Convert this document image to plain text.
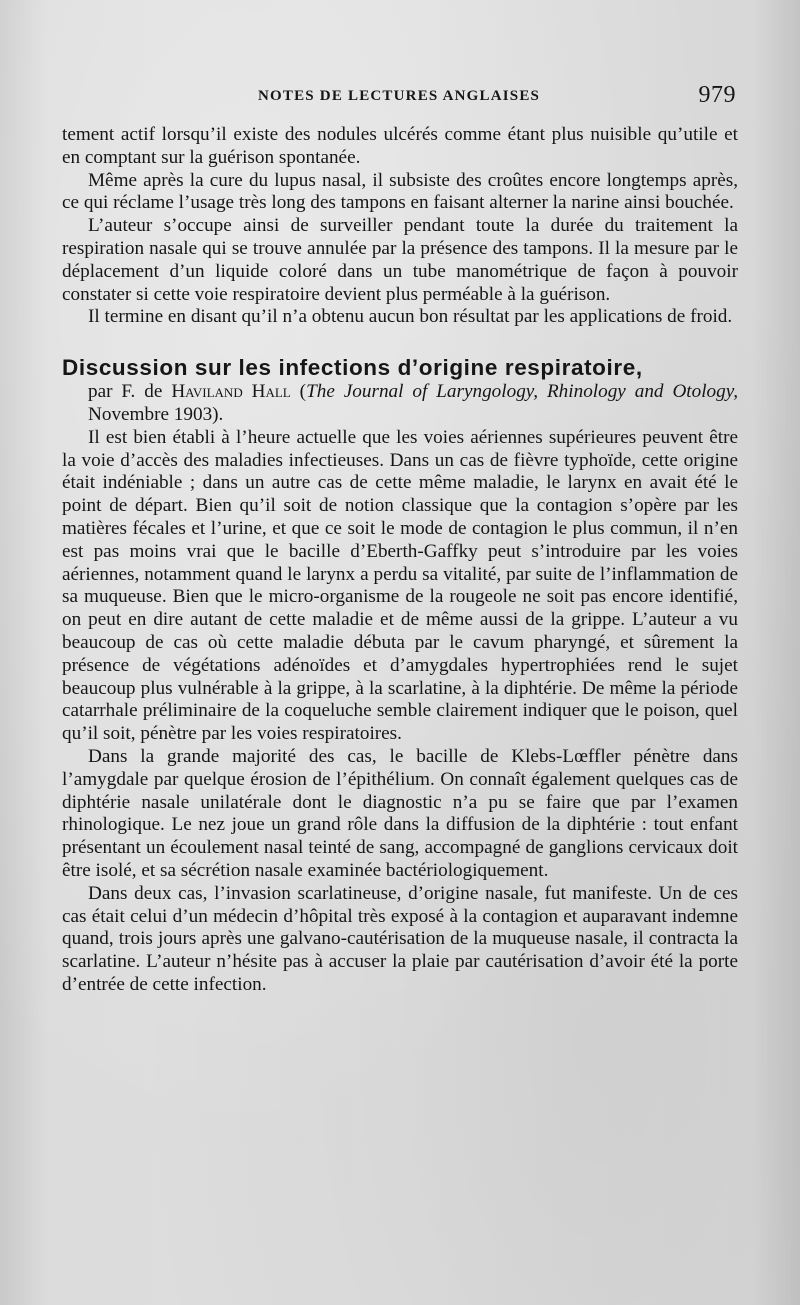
NOTES DE LECTURES ANGLAISES	979

tement actif lorsqu’il existe des nodules ulcérés comme étant plus nuisible qu’utile et en comptant sur la guérison spontanée.

Même après la cure du lupus nasal, il subsiste des croûtes encore longtemps après, ce qui réclame l’usage très long des tampons en faisant alterner la narine ainsi bouchée.

L’auteur s’occupe ainsi de surveiller pendant toute la durée du traitement la respiration nasale qui se trouve annulée par la présence des tampons. Il la mesure par le déplacement d’un liquide coloré dans un tube manométrique de façon à pouvoir constater si cette voie respiratoire devient plus perméable à la guérison.

Il termine en disant qu’il n’a obtenu aucun bon résultat par les applications de froid.

Discussion sur les infections d’origine respiratoire,

par F. de Haviland Hall (The Journal of Laryngology, Rhinology and Otology, Novembre 1903).

Il est bien établi à l’heure actuelle que les voies aériennes supérieures peuvent être la voie d’accès des maladies infectieuses. Dans un cas de fièvre typhoïde, cette origine était indéniable ; dans un autre cas de cette même maladie, le larynx en avait été le point de départ. Bien qu’il soit de notion classique que la contagion s’opère par les matières fécales et l’urine, et que ce soit le mode de contagion le plus commun, il n’en est pas moins vrai que le bacille d’Eberth-Gaffky peut s’introduire par les voies aériennes, notamment quand le larynx a perdu sa vitalité, par suite de l’inflammation de sa muqueuse. Bien que le micro-organisme de la rougeole ne soit pas encore identifié, on peut en dire autant de cette maladie et de même aussi de la grippe. L’auteur a vu beaucoup de cas où cette maladie débuta par le cavum pharyngé, et sûrement la présence de végétations adénoïdes et d’amygdales hypertrophiées rend le sujet beaucoup plus vulnérable à la grippe, à la scarlatine, à la diphtérie. De même la période catarrhale préliminaire de la coqueluche semble clairement indiquer que le poison, quel qu’il soit, pénètre par les voies respiratoires.

Dans la grande majorité des cas, le bacille de Klebs-Lœffler pénètre dans l’amygdale par quelque érosion de l’épithélium. On connaît également quelques cas de diphtérie nasale unilatérale dont le diagnostic n’a pu se faire que par l’examen rhinologique. Le nez joue un grand rôle dans la diffusion de la diphtérie : tout enfant présentant un écoulement nasal teinté de sang, accompagné de ganglions cervicaux doit être isolé, et sa sécrétion nasale examinée bactériologiquement.

Dans deux cas, l’invasion scarlatineuse, d’origine nasale, fut manifeste. Un de ces cas était celui d’un médecin d’hôpital très exposé à la contagion et auparavant indemne quand, trois jours après une galvano-cautérisation de la muqueuse nasale, il contracta la scarlatine. L’auteur n’hésite pas à accuser la plaie par cautérisation d’avoir été la porte d’entrée de cette infection.
